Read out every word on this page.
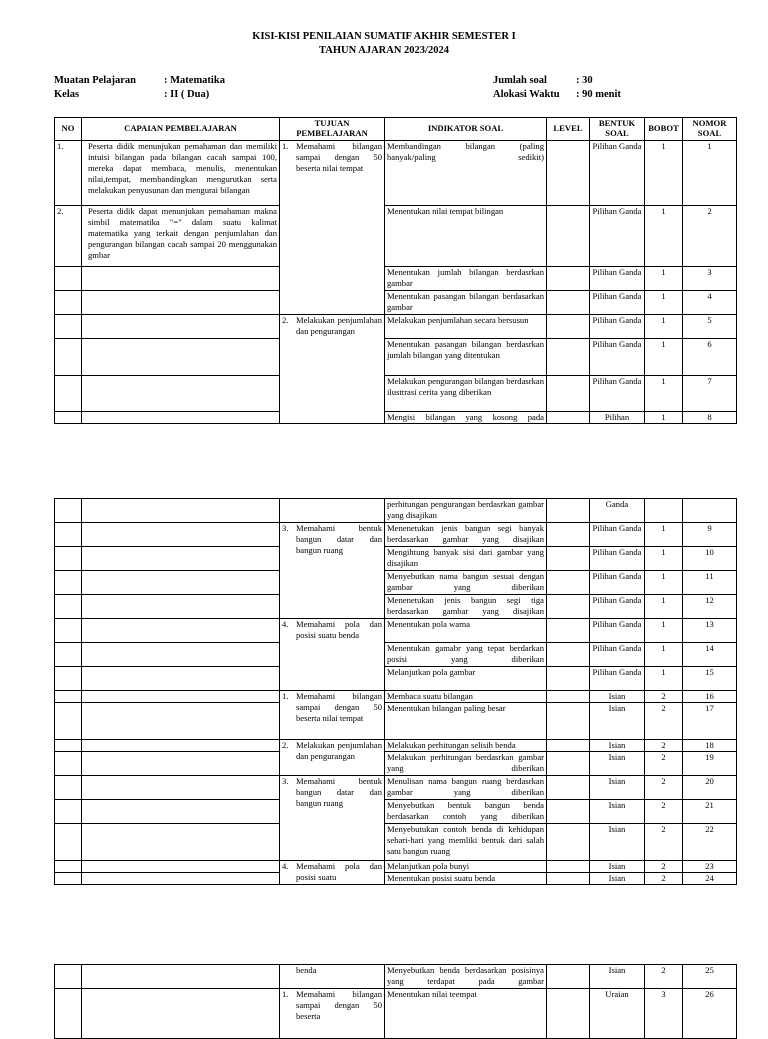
KISI-KISI PENILAIAN SUMATIF AKHIR SEMESTER I
TAHUN AJARAN 2023/2024
Muatan Pelajaran	: Matematika
Kelas	: II ( Dua)
Jumlah soal	: 30
Alokasi Waktu : 90 menit
NO	CAPAIAN PEMBELAJARAN	TUJUAN PEMBELAJARAN	INDIKATOR SOAL	LEVEL	BENTUK SOAL	BOBOT	NOMOR SOAL
1.	Peserta didik menunjukan pemahaman dan memiliki intuisi bilangan pada bilangan cacah sampai 100, mereka dapat membaca, menulis, menentukan nilai,tempat, membandingkan mengurutkan serta melakukan penyusunan dan mengurai bilangan	1. Memahami bilangan sampai dengan 50 beserta nilai tempat	Membandingan bilangan (paling banyak/paling sedikit)		Pilihan Ganda	1	1
2.	Peserta didik dapat menunjukan pemahaman makna simbil matematika "=" dalam suatu kalimat matematika yang terkait dengan penjumlahan dan pengurangan bilangan cacah sampai 20 menggunakan gmbar		Menentukan nilai tempat bilingan		Pilihan Ganda	1	2
			Menentukan jumlah bilangan berdasrkan gambar		Pilihan Ganda	1	3
			Menentukan pasangan bilangan berdasarkan gambar		Pilihan Ganda	1	4

		2. Melakukan penjumlahan dan pengurangan	Melakukan penjumlahan secara bersusun		Pilihan Ganda	1	5
			Menentukan pasangan bilangan berdasrkan jumlah bilangan yang ditentukan		Pilihan Ganda	1	6
			Melakukan pengurangan bilangan berdasrkan ilusttrasi cerita yang diberikan		Pilihan Ganda	1	7
			Mengisi bilangan yang kosong pada		Pilihan	1	8
			perhitungan pengurangan berdasrkan gambar yang disajikan		Ganda		

		3. Memahami bentuk bangun datar dan bangun ruang	Menenetukan jenis bangun segi banyak berdasarkan gambar yang disajikan		Pilihan Ganda	1	9
			Mengihtung banyak sisi dari gambar yang disajikan		Pilihan Ganda	1	10
			Menyebutkan nama bangun sesuai dengan gambar yang diberikan		Pilihan Ganda	1	11
			Menenetukan jenis bangun segi tiga berdasarkan gambar yang disajikan		Pilihan Ganda	1	12

		4. Memahami pola dan posisi suatu benda	Menentukan pola warna		Pilihan Ganda	1	13
			Menentukan gamabr yang tepat berdarkan posisi yang diberikan		Pilihan Ganda	1	14
			Melanjutkan pola gambar		Pilihan Ganda	1	15

		1. Memahami bilangan sampai dengan 50 beserta nilai tempat	Membaca suatu bilangan		Isian	2	16
			Menentukan bilangan paling besar		Isian	2	17

		2. Melakukan penjumlahan dan pengurangan	Melakukan perhitungan selisih benda		Isian	2	18
			Melakukan perhitungan berdasrkan gambar yang diberikan		Isian	2	19

		3. Memahami bentuk bangun datar dan bangun ruang	Menulisan nama bangun ruang berdasrkan gambar yang diberikan		Isian	2	20
			Menyebutkan bentuk bangun benda berdasarkan contoh yang diberikan		Isian	2	21
			Menyebutukan contoh benda di kehidupan sehari-hari yang memliki bentuk dari salah satu bangun ruang		Isian	2	22

		4. Memahami pola dan posisi suatu	Melanjutkan pola bunyi		Isian	2	23
			Menentukan posisi suatu benda		Isian	2	24

		benda	Menyebutkan benda berdasarkan posisinya yang terdapat pada gambar		Isian	2	25

		1. Memahami bilangan sampai dengan 50 beserta	Menentukan nilai teempat		Uraian	3	26
